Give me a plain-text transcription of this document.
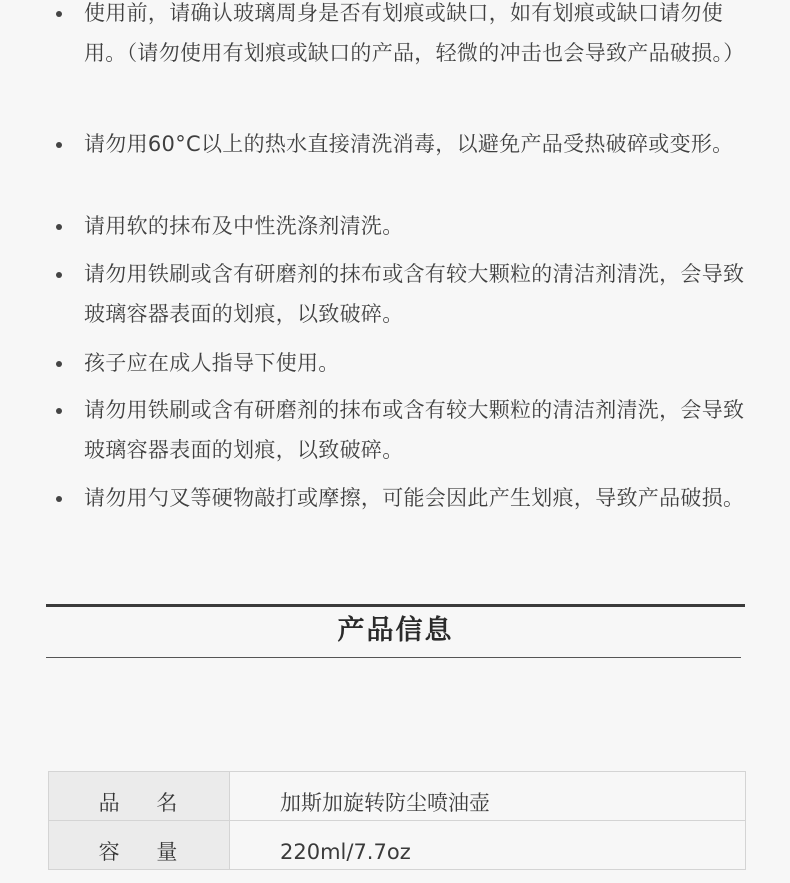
使用前，请确认玻璃周身是否有划痕或缺口，如有划痕或缺口请勿使用。（请勿使用有划痕或缺口的产品，轻微的冲击也会导致产品破损。）
请勿用60°C以上的热水直接清洗消毒，以避免产品受热破碎或变形。
请用软的抹布及中性洗涤剂清洗。
请勿用铁刷或含有研磨剂的抹布或含有较大颗粒的清洁剂清洗，会导致玻璃容器表面的划痕，以致破碎。
孩子应在成人指导下使用。
请勿用铁刷或含有研磨剂的抹布或含有较大颗粒的清洁剂清洗，会导致玻璃容器表面的划痕，以致破碎。
请勿用勺叉等硬物敲打或摩擦，可能会因此产生划痕，导致产品破损。
产品信息
品    名	加斯加旋转防尘喷油壶
容    量	220ml/7.7oz
